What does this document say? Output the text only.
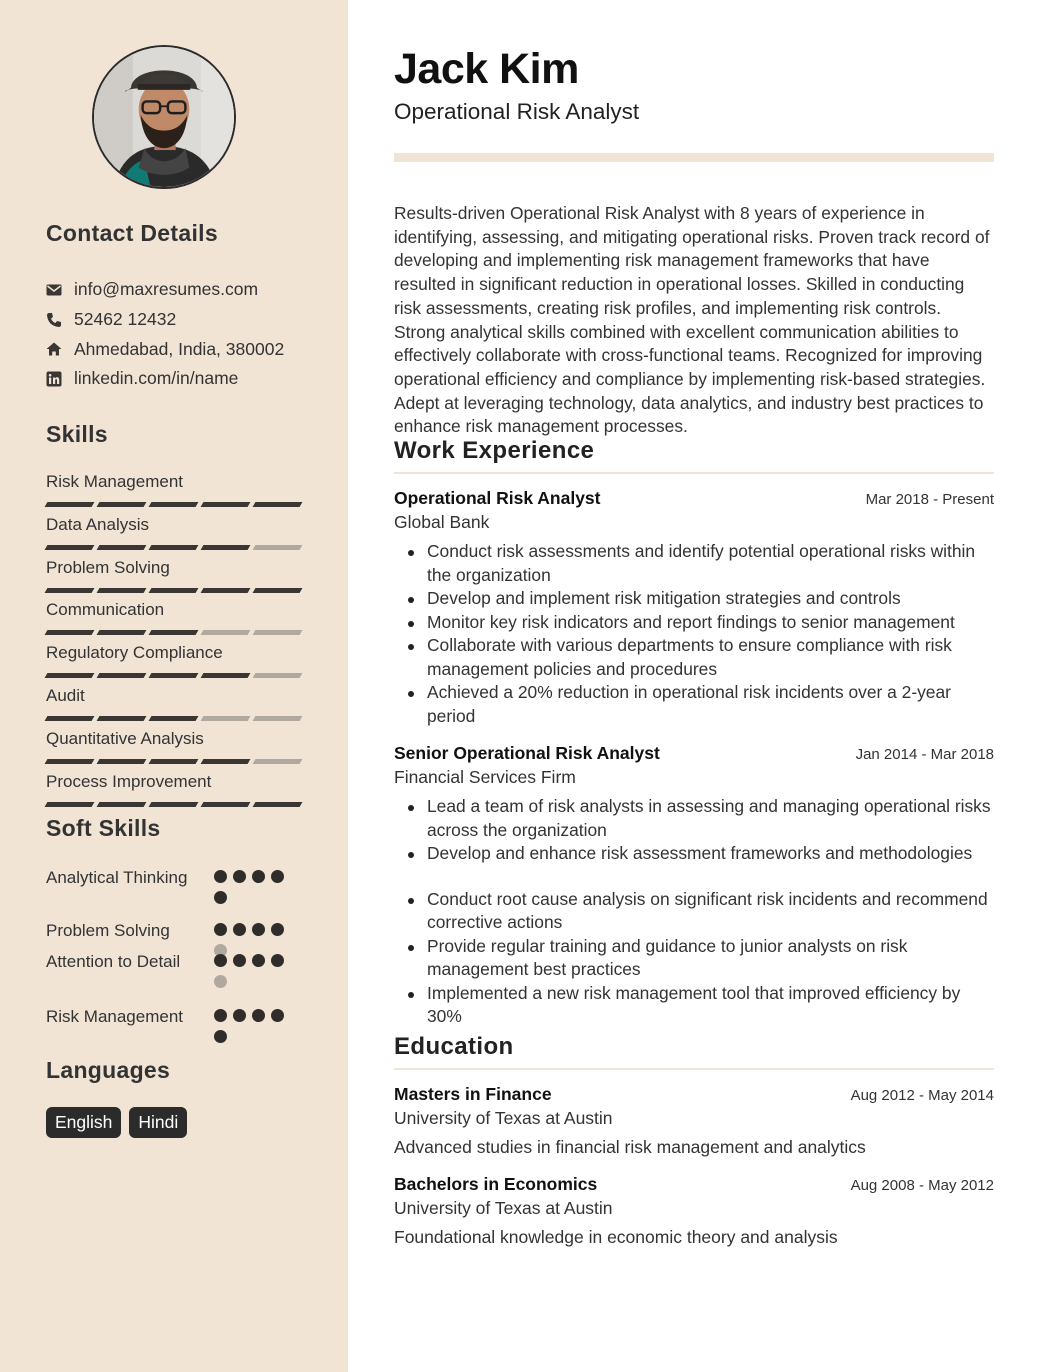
Contact Details
info@maxresumes.com
52462 12432
Ahmedabad, India, 380002
linkedin.com/in/name
Skills
Risk Management
Data Analysis
Problem Solving
Communication
Regulatory Compliance
Audit
Quantitative Analysis
Process Improvement
Soft Skills
Analytical Thinking
Problem Solving
Attention to Detail
Risk Management
Languages
English	Hindi
Jack Kim
Operational Risk Analyst
Results-driven Operational Risk Analyst with 8 years of experience in identifying, assessing, and mitigating operational risks. Proven track record of developing and implementing risk management frameworks that have resulted in significant reduction in operational losses. Skilled in conducting risk assessments, creating risk profiles, and implementing risk controls. Strong analytical skills combined with excellent communication abilities to effectively collaborate with cross-functional teams. Recognized for improving operational efficiency and compliance by implementing risk-based strategies. Adept at leveraging technology, data analytics, and industry best practices to enhance risk management processes.
Work Experience
Operational Risk Analyst	Mar 2018 - Present
Global Bank
Conduct risk assessments and identify potential operational risks within the organization
Develop and implement risk mitigation strategies and controls
Monitor key risk indicators and report findings to senior management
Collaborate with various departments to ensure compliance with risk management policies and procedures
Achieved a 20% reduction in operational risk incidents over a 2-year period
Senior Operational Risk Analyst	Jan 2014 - Mar 2018
Financial Services Firm
Lead a team of risk analysts in assessing and managing operational risks across the organization
Develop and enhance risk assessment frameworks and methodologies
Conduct root cause analysis on significant risk incidents and recommend corrective actions
Provide regular training and guidance to junior analysts on risk management best practices
Implemented a new risk management tool that improved efficiency by 30%
Education
Masters in Finance	Aug 2012 - May 2014
University of Texas at Austin
Advanced studies in financial risk management and analytics
Bachelors in Economics	Aug 2008 - May 2012
University of Texas at Austin
Foundational knowledge in economic theory and analysis
